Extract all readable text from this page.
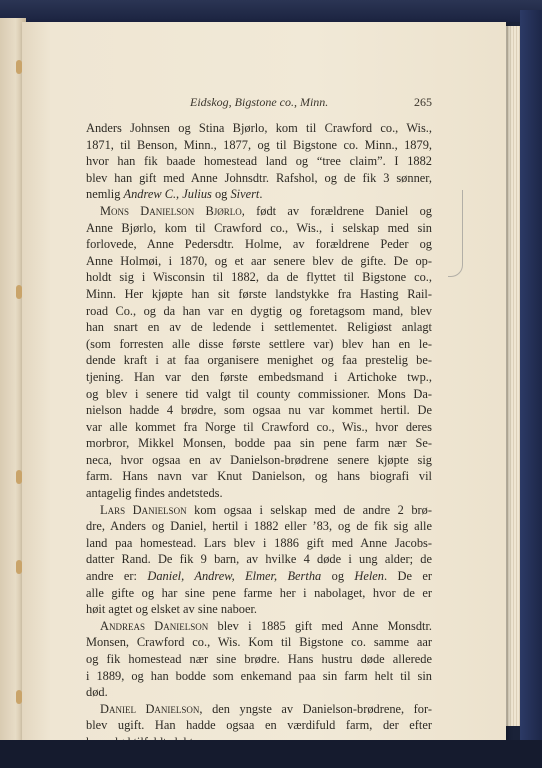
Eidskog, Bigstone co., Minn.	265
Anders Johnsen og Stina Bjørlo, kom til Crawford co., Wis.,
1871, til Benson, Minn., 1877, og til Bigstone co. Minn., 1879,
hvor han fik baade homestead land og “tree claim”. I 1882
blev han gift med Anne Johnsdtr. Rafshol, og de fik 3 sønner,
nemlig Andrew C., Julius og Sivert.
Mons Danielson Bjørlo, født av forældrene Daniel og
Anne Bjørlo, kom til Crawford co., Wis., i selskap med sin
forlovede, Anne Pedersdtr. Holme, av forældrene Peder og
Anne Holmøi, i 1870, og et aar senere blev de gifte. De op-
holdt sig i Wisconsin til 1882, da de flyttet til Bigstone co.,
Minn. Her kjøpte han sit første landstykke fra Hasting Rail-
road Co., og da han var en dygtig og foretagsom mand, blev
han snart en av de ledende i settlementet. Religiøst anlagt
(som forresten alle disse første settlere var) blev han en le-
dende kraft i at faa organisere menighet og faa prestelig be-
tjening. Han var den første embedsmand i Artichoke twp.,
og blev i senere tid valgt til county commissioner. Mons Da-
nielson hadde 4 brødre, som ogsaa nu var kommet hertil. De
var alle kommet fra Norge til Crawford co., Wis., hvor deres
morbror, Mikkel Monsen, bodde paa sin pene farm nær Se-
neca, hvor ogsaa en av Danielson-brødrene senere kjøpte sig
farm. Hans navn var Knut Danielson, og hans biografi vil
antagelig findes andetsteds.
Lars Danielson kom ogsaa i selskap med de andre 2 brø-
dre, Anders og Daniel, hertil i 1882 eller ’83, og de fik sig alle
land paa homestead. Lars blev i 1886 gift med Anne Jacobs-
datter Rand. De fik 9 barn, av hvilke 4 døde i ung alder; de
andre er: Daniel, Andrew, Elmer, Bertha og Helen. De er
alle gifte og har sine pene farme her i nabolaget, hvor de er
høit agtet og elsket av sine naboer.
Andreas Danielson blev i 1885 gift med Anne Monsdtr.
Monsen, Crawford co., Wis. Kom til Bigstone co. samme aar
og fik homestead nær sine brødre. Hans hustru døde allerede
i 1889, og han bodde som enkemand paa sin farm helt til sin
død.
Daniel Danielson, den yngste av Danielson-brødrene, for-
blev ugift. Han hadde ogsaa en værdifuld farm, der efter
